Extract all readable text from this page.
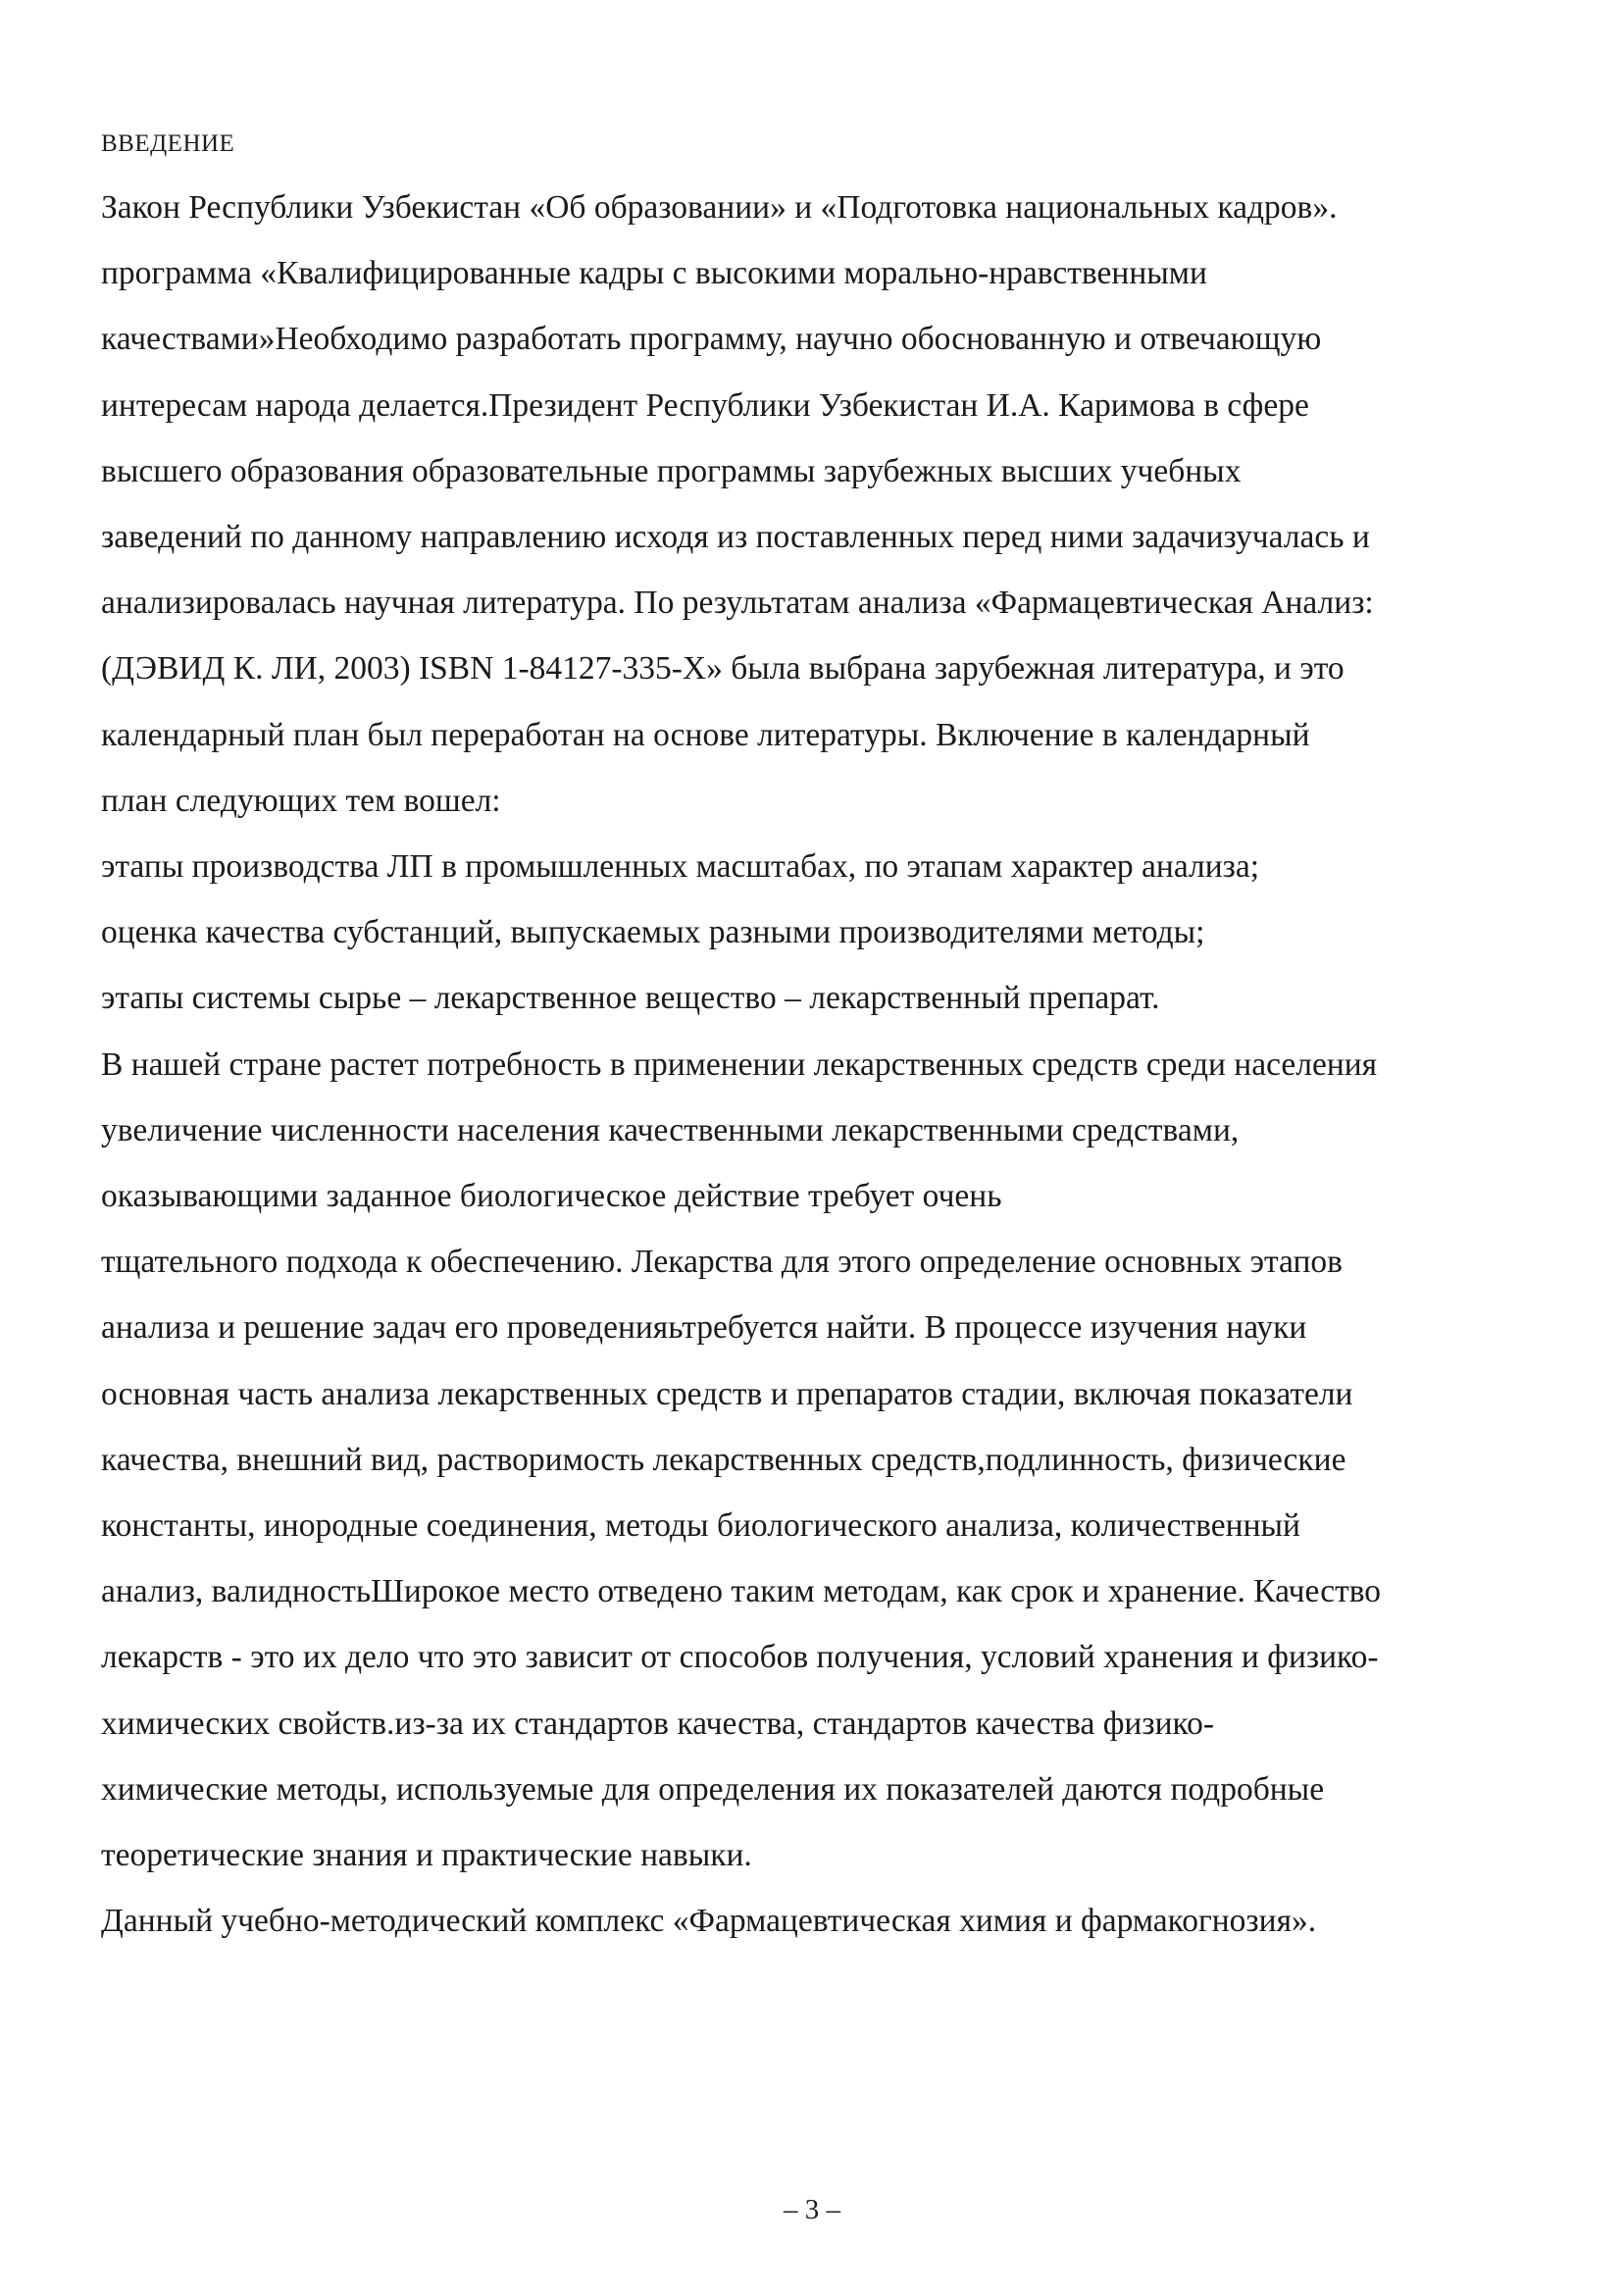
ВВЕДЕНИЕ
Закон Республики Узбекистан «Об образовании» и «Подготовка национальных кадров».
программа «Квалифицированные кадры с высокими морально-нравственными
качествами»Необходимо разработать программу, научно обоснованную и отвечающую
интересам народа делается.Президент Республики Узбекистан И.А. Каримова в сфере
высшего образования образовательные программы зарубежных высших учебных
заведений по данному направлению исходя из поставленных перед ними задачизучалась и
анализировалась научная литература. По результатам анализа «Фармацевтическая Анализ:
(ДЭВИД К. ЛИ, 2003) ISBN 1-84127-335-X» была выбрана зарубежная литература, и это
календарный план был переработан на основе литературы. Включение в календарный
план следующих тем вошел:
этапы производства ЛП в промышленных масштабах, по этапам характер анализа;
оценка качества субстанций, выпускаемых разными производителями методы;
этапы системы сырье – лекарственное вещество – лекарственный препарат.
В нашей стране растет потребность в применении лекарственных средств среди населения
увеличение численности населения качественными лекарственными средствами,
оказывающими заданное биологическое действие требует очень
тщательного подхода к обеспечению. Лекарства для этого определение основных этапов
анализа и решение задач его проведенияьтребуется найти. В процессе изучения науки
основная часть анализа лекарственных средств и препаратов стадии, включая показатели
качества, внешний вид, растворимость лекарственных средств,подлинность, физические
константы, инородные соединения, методы биологического анализа, количественный
анализ, валидностьШирокое место отведено таким методам, как срок и хранение. Качество
лекарств - это их дело что это зависит от способов получения, условий хранения и физико-
химических свойств.из-за их стандартов качества, стандартов качества физико-
химические методы, используемые для определения их показателей даются подробные
теоретические знания и практические навыки.
Данный учебно-методический комплекс «Фармацевтическая химия и фармакогнозия».
– 3 –
